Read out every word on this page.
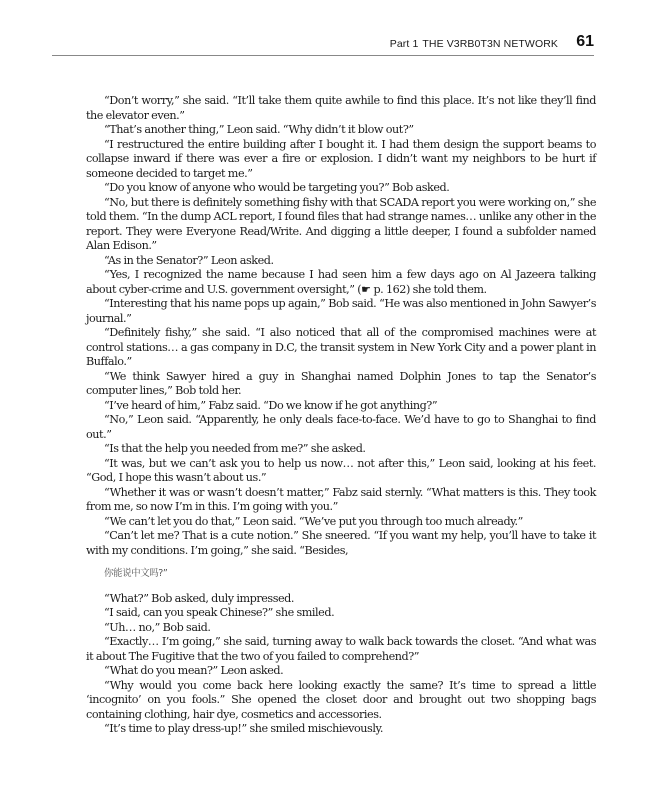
Part 1 THE V3RB0T3N NETWORK 61

“Don’t worry,” she said. “It’ll take them quite awhile to find this place. It’s not like they’ll find the elevator even.”

“That’s another thing,” Leon said. “Why didn’t it blow out?”

“I restructured the entire building after I bought it. I had them design the support beams to collapse inward if there was ever a fire or explosion. I didn’t want my neighbors to be hurt if someone decided to target me.”

“Do you know of anyone who would be targeting you?” Bob asked.

“No, but there is definitely something fishy with that SCADA report you were working on,” she told them. “In the dump ACL report, I found files that had strange names… unlike any other in the report. They were Everyone Read/Write. And digging a little deeper, I found a subfolder named Alan Edison.”

“As in the Senator?” Leon asked.

“Yes, I recognized the name because I had seen him a few days ago on Al Jazeera talking about cyber-crime and U.S. government oversight,” (☛ p. 162) she told them.

“Interesting that his name pops up again,” Bob said. “He was also mentioned in John Sawyer’s journal.”

“Definitely fishy,” she said. “I also noticed that all of the compromised machines were at control stations… a gas company in D.C, the transit system in New York City and a power plant in Buffalo.”

“We think Sawyer hired a guy in Shanghai named Dolphin Jones to tap the Senator’s computer lines,” Bob told her.

“I’ve heard of him,” Fabz said. “Do we know if he got anything?”

“No,” Leon said. “Apparently, he only deals face-to-face. We’d have to go to Shanghai to find out.”

“Is that the help you needed from me?” she asked.

“It was, but we can’t ask you to help us now… not after this,” Leon said, looking at his feet. “God, I hope this wasn’t about us.”

“Whether it was or wasn’t doesn’t matter,” Fabz said sternly. “What matters is this. They took from me, so now I’m in this. I’m going with you.”

“We can’t let you do that,” Leon said. “We’ve put you through too much already.”

“Can’t let me? That is a cute notion.” She sneered. “If you want my help, you’ll have to take it with my conditions. I’m going,” she said. “Besides,

你能说中文吗?”

“What?” Bob asked, duly impressed.

“I said, can you speak Chinese?” she smiled.

“Uh… no,” Bob said.

“Exactly… I’m going,” she said, turning away to walk back towards the closet. “And what was it about The Fugitive that the two of you failed to comprehend?”

“What do you mean?” Leon asked.

“Why would you come back here looking exactly the same? It’s time to spread a little ‘incognito’ on you fools.” She opened the closet door and brought out two shopping bags containing clothing, hair dye, cosmetics and accessories.

“It’s time to play dress-up!” she smiled mischievously.
